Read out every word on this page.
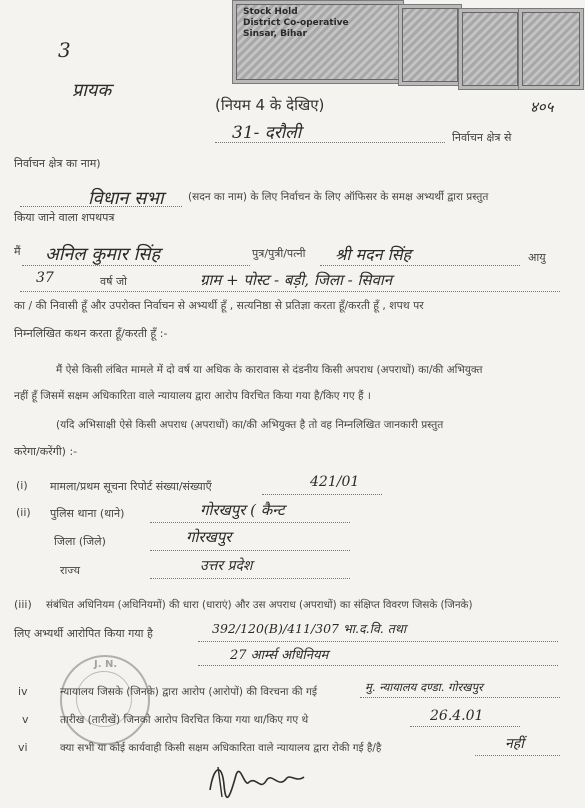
Stock Hold
District Co-operative
Sinsar, Bihar
3
प्रायक
४०५
(नियम 4 के देखिए)
31- दरौली	निर्वाचन क्षेत्र से
निर्वाचन क्षेत्र का नाम)
विधान सभा (सदन का नाम) के लिए निर्वाचन के लिए ऑफिसर के समक्ष अभ्यर्थी द्वारा प्रस्तुत
किया जाने वाला शपथपत्र
मैं अनिल कुमार सिंह	पुत्र/पुत्री/पत्नी श्री मदन सिंह	आयु
37	वर्ष जो	ग्राम + पोस्ट - बड़ी, जिला - सिवान
का / की निवासी हूँ और उपरोक्त निर्वाचन से अभ्यर्थी हूँ , सत्यनिष्ठा से प्रतिज्ञा करता हूँ/करती हूँ , शपथ पर
निम्नलिखित कथन करता हूँ/करती हूँ :-
मैं ऐसे किसी लंबित मामले में दो वर्ष या अधिक के कारावास से दंडनीय किसी अपराध (अपराधों) का/की अभियुक्त
नहीं हूँ जिसमें सक्षम अधिकारिता वाले न्यायालय द्वारा आरोप विरचित किया गया है/किए गए हैं ।
(यदि अभिसाक्षी ऐसे किसी अपराध (अपराधों) का/की अभियुक्त है तो वह निम्नलिखित जानकारी प्रस्तुत
करेगा/करेंगी) :-
(i) मामला/प्रथम सूचना रिपोर्ट संख्या/संख्याएँ	421/01
(ii) पुलिस थाना (थाने)	गोरखपुर ( कैन्ट
जिला (जिले)	गोरखपुर
राज्य	उत्तर प्रदेश
(iii) संबंधित अधिनियम (अधिनियमों) की धारा (धाराएं) और उस अपराध (अपराधों) का संक्षिप्त विवरण जिसके (जिनके)
लिए अभ्यर्थी आरोपित किया गया है	392/120(B)/411/307 भा.द.वि. तथा
27 आर्म्स अधिनियम
J. N.
iv	न्यायालय जिसके (जिनके) द्वारा आरोप (आरोपों) की विरचना की गई	मु. न्यायालय दण्डा. गोरखपुर
v	तारीख (तारीखें) जिनको आरोप विरचित किया गया था/किए गए थे	26.4.01
vi	क्या सभी या कोई कार्यवाही किसी सक्षम अधिकारिता वाले न्यायालय द्वारा रोकी गई है/है	नहीं
